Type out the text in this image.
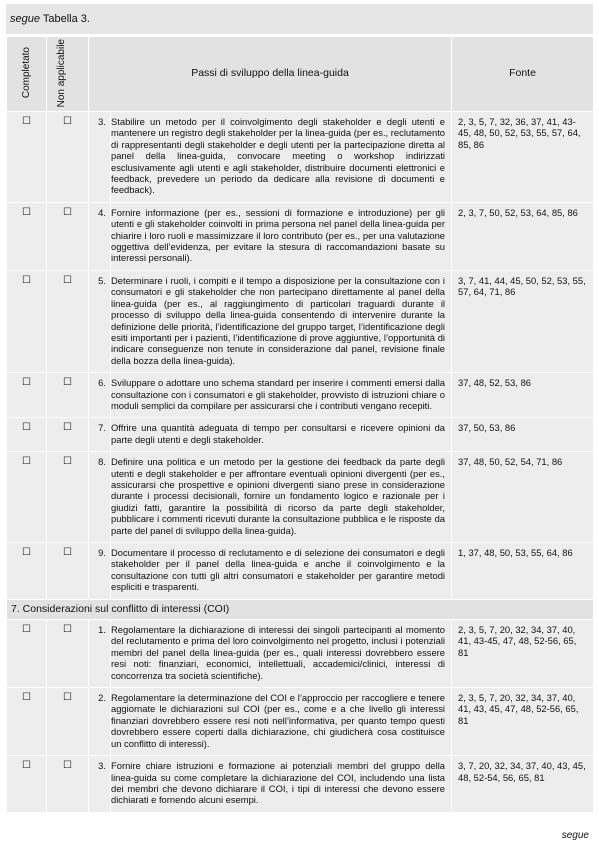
segue Tabella 3.
Completato	Non applicabile	Passi di sviluppo della linea-guida		Fonte
☐	☐	3.	Stabilire un metodo per il coinvolgimento degli stakeholder e degli utenti e mantenere un registro degli stakeholder per la linea-guida (per es., reclutamento di rappresentanti degli stakeholder e degli utenti per la partecipazione diretta al panel della linea-guida, convocare meeting o workshop indirizzati esclusivamente agli utenti e agli stakeholder, distribuire documenti elettronici e feedback, prevedere un periodo da dedicare alla revisione di documenti e feedback).	2, 3, 5, 7, 32, 36, 37, 41, 43-45, 48, 50, 52, 53, 55, 57, 64, 85, 86
☐	☐	4.	Fornire informazione (per es., sessioni di formazione e introduzione) per gli utenti e gli stakeholder coinvolti in prima persona nel panel della linea-guida per chiarire i loro ruoli e massimizzare il loro contributo (per es., per una valutazione oggettiva dell’evidenza, per evitare la stesura di raccomandazioni basate su interessi personali).	2, 3, 7, 50, 52, 53, 64, 85, 86
☐	☐	5.	Determinare i ruoli, i compiti e il tempo a disposizione per la consultazione con i consumatori e gli stakeholder che non partecipano direttamente al panel della linea-guida (per es., al raggiungimento di particolari traguardi durante il processo di sviluppo della linea-guida consentendo di intervenire durante la definizione delle priorità, l’identificazione del gruppo target, l’identificazione degli esiti importanti per i pazienti, l’identificazione di prove aggiuntive, l’opportunità di indicare conseguenze non tenute in considerazione dal panel, revisione finale della bozza della linea-guida).	3, 7, 41, 44, 45, 50, 52, 53, 55, 57, 64, 71, 86
☐	☐	6.	Sviluppare o adottare uno schema standard per inserire i commenti emersi dalla consultazione con i consumatori e gli stakeholder, provvisto di istruzioni chiare o moduli semplici da compilare per assicurarsi che i contributi vengano recepiti.	37, 48, 52, 53, 86
☐	☐	7.	Offrire una quantità adeguata di tempo per consultarsi e ricevere opinioni da parte degli utenti e degli stakeholder.	37, 50, 53, 86
☐	☐	8.	Definire una politica e un metodo per la gestione dei feedback da parte degli utenti e degli stakeholder e per affrontare eventuali opinioni divergenti (per es., assicurarsi che prospettive e opinioni divergenti siano prese in considerazione durante i processi decisionali, fornire un fondamento logico e razionale per i giudizi fatti, garantire la possibilità di ricorso da parte degli stakeholder, pubblicare i commenti ricevuti durante la consultazione pubblica e le risposte da parte del panel di sviluppo della linea-guida).	37, 48, 50, 52, 54, 71, 86
☐	☐	9.	Documentare il processo di reclutamento e di selezione dei consumatori e degli stakeholder per il panel della linea-guida e anche il coinvolgimento e la consultazione con tutti gli altri consumatori e stakeholder per garantire metodi espliciti e trasparenti.	1, 37, 48, 50, 53, 55, 64, 86
7. Considerazioni sul conflitto di interessi (COI)				
☐	☐	1.	Regolamentare la dichiarazione di interessi dei singoli partecipanti al momento del reclutamento e prima del loro coinvolgimento nel progetto, inclusi i potenziali membri del panel della linea-guida (per es., quali interessi dovrebbero essere resi noti: finanziari, economici, intellettuali, accademici/clinici, interessi di concorrenza tra società scientifiche).	2, 3, 5, 7, 20, 32, 34, 37, 40, 41, 43-45, 47, 48, 52-56, 65, 81
☐	☐	2.	Regolamentare la determinazione del COI e l’approccio per raccogliere e tenere aggiornate le dichiarazioni sul COI (per es., come e a che livello gli interessi finanziari dovrebbero essere resi noti nell’informativa, per quanto tempo questi dovrebbero essere coperti dalla dichiarazione, chi giudicherà cosa costituisce un conflitto di interessi).	2, 3, 5, 7, 20, 32, 34, 37, 40, 41, 43, 45, 47, 48, 52-56, 65, 81
☐	☐	3.	Fornire chiare istruzioni e formazione ai potenziali membri del gruppo della linea-guida su come completare la dichiarazione del COI, includendo una lista dei membri che devono dichiarare il COI, i tipi di interessi che devono essere dichiarati e fornendo alcuni esempi.	3, 7, 20, 32, 34, 37, 40, 43, 45, 48, 52-54, 56, 65, 81
segue
